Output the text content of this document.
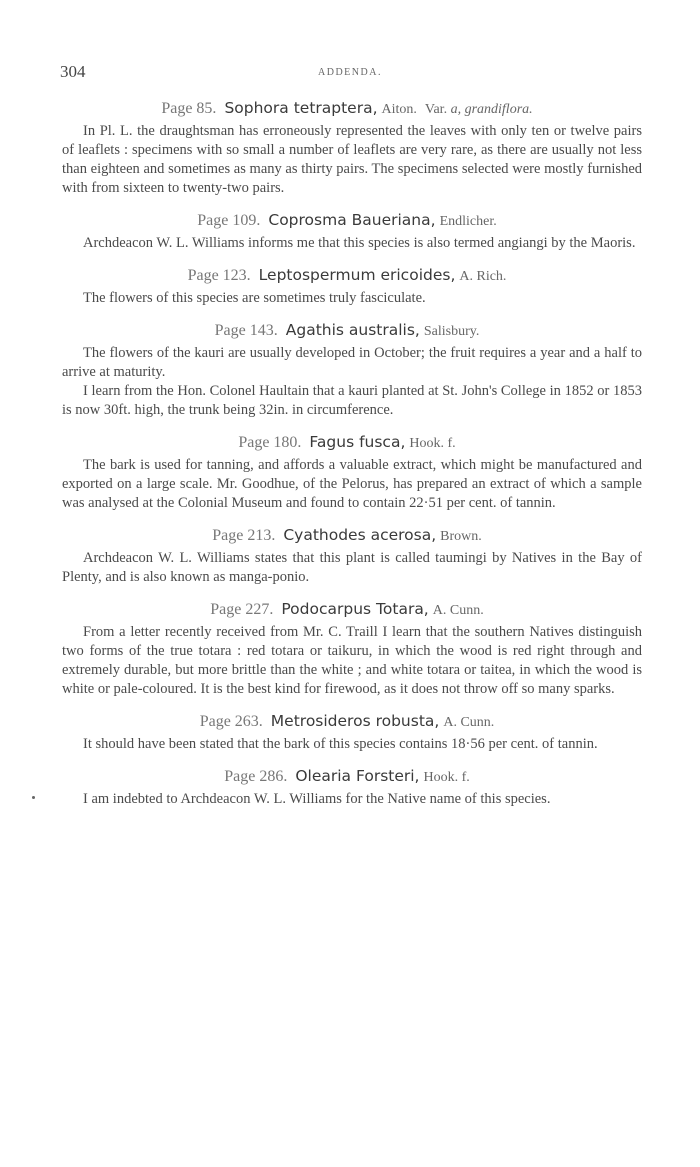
304	ADDENDA.
Page 85. Sophora tetraptera, Aiton. Var. a, grandiflora.

In Pl. L. the draughtsman has erroneously represented the leaves with only ten or twelve pairs of leaflets : specimens with so small a number of leaflets are very rare, as there are usually not less than eighteen and sometimes as many as thirty pairs. The specimens selected were mostly furnished with from sixteen to twenty-two pairs.

Page 109. Coprosma Baueriana, Endlicher.

Archdeacon W. L. Williams informs me that this species is also termed angiangi by the Maoris.

Page 123. Leptospermum ericoides, A. Rich.

The flowers of this species are sometimes truly fasciculate.

Page 143. Agathis australis, Salisbury.

The flowers of the kauri are usually developed in October; the fruit requires a year and a half to arrive at maturity.

I learn from the Hon. Colonel Haultain that a kauri planted at St. John's College in 1852 or 1853 is now 30ft. high, the trunk being 32in. in circumference.

Page 180. Fagus fusca, Hook. f.

The bark is used for tanning, and affords a valuable extract, which might be manufactured and exported on a large scale. Mr. Goodhue, of the Pelorus, has prepared an extract of which a sample was analysed at the Colonial Museum and found to contain 22·51 per cent. of tannin.

Page 213. Cyathodes acerosa, Brown.

Archdeacon W. L. Williams states that this plant is called taumingi by Natives in the Bay of Plenty, and is also known as manga-ponio.

Page 227. Podocarpus Totara, A. Cunn.

From a letter recently received from Mr. C. Traill I learn that the southern Natives distinguish two forms of the true totara : red totara or taikuru, in which the wood is red right through and extremely durable, but more brittle than the white ; and white totara or taitea, in which the wood is white or pale-coloured. It is the best kind for firewood, as it does not throw off so many sparks.

Page 263. Metrosideros robusta, A. Cunn.

It should have been stated that the bark of this species contains 18·56 per cent. of tannin.

Page 286. Olearia Forsteri, Hook. f.

I am indebted to Archdeacon W. L. Williams for the Native name of this species.
